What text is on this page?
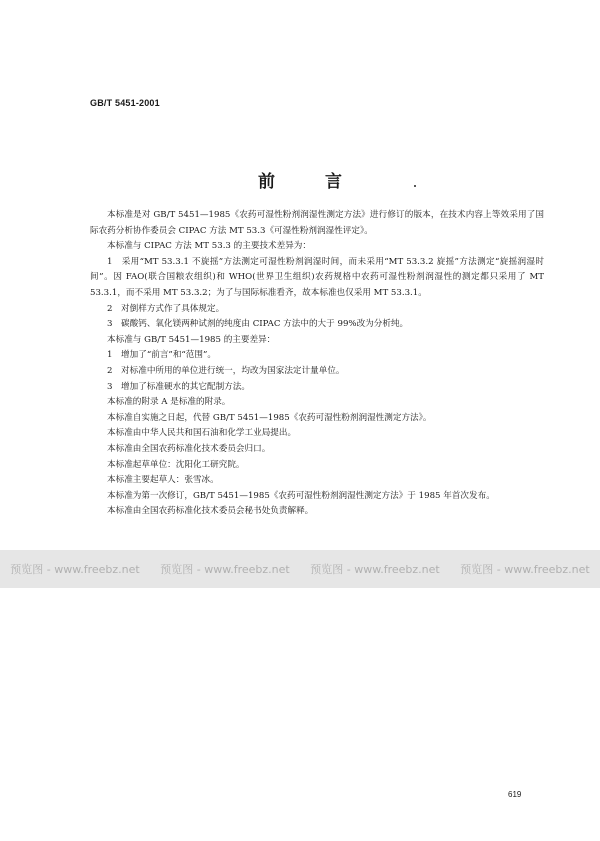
GB/T 5451-2001
前 言

本标准是对 GB/T 5451—1985《农药可湿性粉剂润湿性测定方法》进行修订的版本，在技术内容上等效采用了国际农药分析协作委员会 CIPAC 方法 MT 53.3《可湿性粉剂润湿性评定》。

本标准与 CIPAC 方法 MT 53.3 的主要技术差异为：

1　采用“MT 53.3.1 不旋摇”方法测定可湿性粉剂润湿时间，而未采用“MT 53.3.2 旋摇”方法测定“旋摇润湿时间”。因 FAO(联合国粮农组织)和 WHO(世界卫生组织)农药规格中农药可湿性粉剂润湿性的测定都只采用了 MT 53.3.1，而不采用 MT 53.3.2；为了与国际标准看齐，故本标准也仅采用 MT 53.3.1。

2　对倒样方式作了具体规定。

3　碳酸钙、氧化镁两种试剂的纯度由 CIPAC 方法中的大于 99%改为分析纯。

本标准与 GB/T 5451—1985 的主要差异：

1　增加了“前言”和“范围”。

2　对标准中所用的单位进行统一，均改为国家法定计量单位。

3　增加了标准硬水的其它配制方法。

本标准的附录 A 是标准的附录。

本标准自实施之日起，代替 GB/T 5451—1985《农药可湿性粉剂润湿性测定方法》。

本标准由中华人民共和国石油和化学工业局提出。

本标准由全国农药标准化技术委员会归口。

本标准起草单位：沈阳化工研究院。

本标准主要起草人：张雪冰。

本标准为第一次修订，GB/T 5451—1985《农药可湿性粉剂润湿性测定方法》于 1985 年首次发布。

本标准由全国农药标准化技术委员会秘书处负责解释。

预览图 - www.freebz.net 预览图 - www.freebz.net 预览图 - www.freebz.net 预览图 - www.freebz.net
619
